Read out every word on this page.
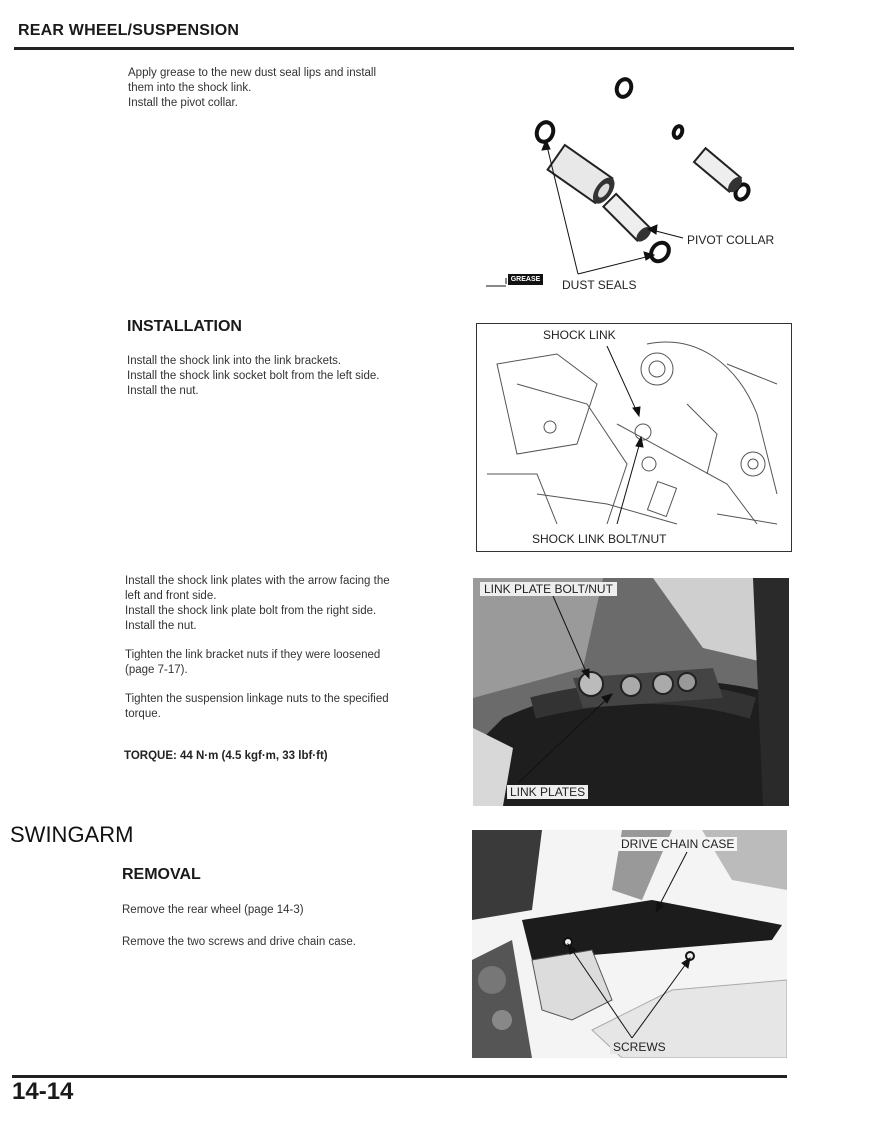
REAR WHEEL/SUSPENSION

Apply grease to the new dust seal lips and install

them into the shock link.

Install the pivot collar.

GREASE
PIVOT COLLAR
DUST SEALS
INSTALLATION

Install the shock link into the link brackets.

Install the shock link socket bolt from the left side.

Install the nut.

SHOCK LINK
SHOCK LINK BOLT/NUT

Install the shock link plates with the arrow facing the

left and front side.

Install the shock link plate bolt from the right side.

Install the nut.

Tighten the link bracket nuts if they were loosened

(page 7-17).

Tighten the suspension linkage nuts to the specified

torque.

TORQUE: 44 N·m (4.5 kgf·m, 33 lbf·ft)
LINK PLATE BOLT/NUT
LINK PLATES
SWINGARM
REMOVAL
Remove the rear wheel (page 14-3)
Remove the two screws and drive chain case.
DRIVE CHAIN CASE
SCREWS
14-14
